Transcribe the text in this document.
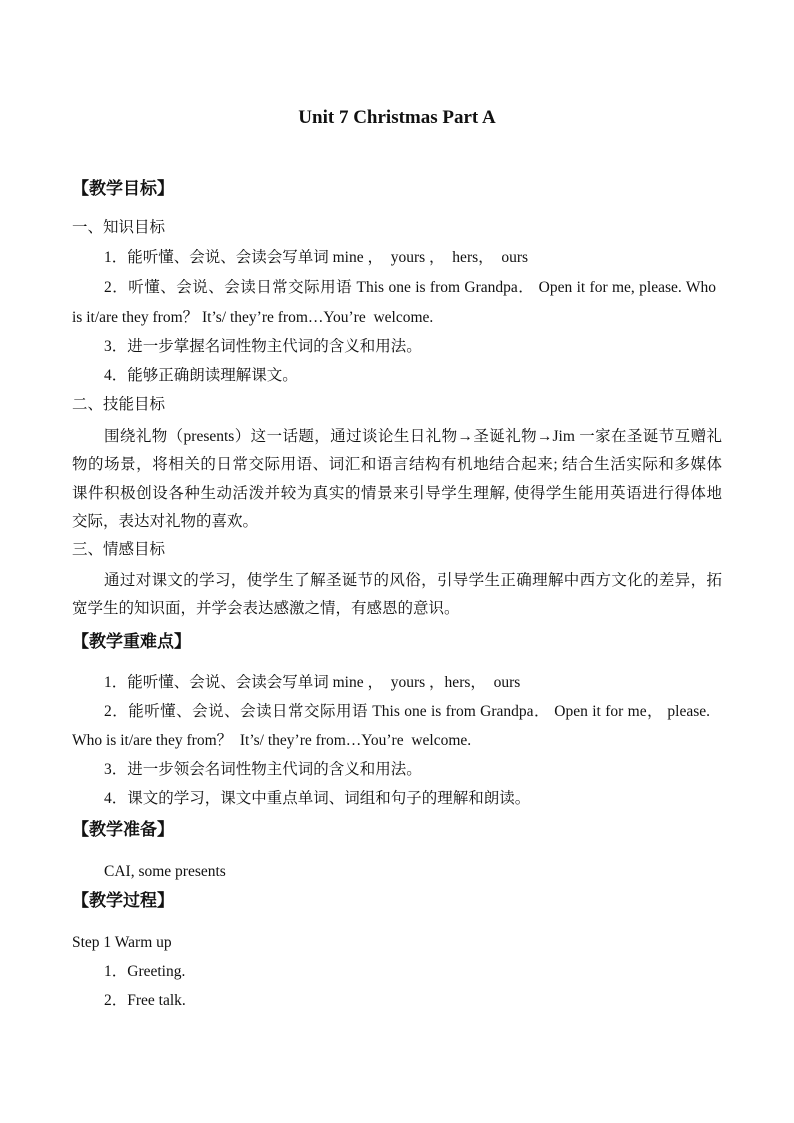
Unit 7 Christmas Part A
【教学目标】
一、知识目标
1．能听懂、会说、会读会写单词 mine ，  yours ，  hers，  ours
2．听懂、会说、会读日常交际用语 This one is from Grandpa． Open it for me, please. Who
is it/are they from？ It’s/ they’re from…You’re  welcome.
3．进一步掌握名词性物主代词的含义和用法。
4．能够正确朗读理解课文。
二、技能目标
围绕礼物（presents）这一话题，通过谈论生日礼物→圣诞礼物→Jim 一家在圣诞节互赠礼
物的场景，将相关的日常交际用语、词汇和语言结构有机地结合起来; 结合生活实际和多媒体
课件积极创设各种生动活泼并较为真实的情景来引导学生理解, 使得学生能用英语进行得体地
交际，表达对礼物的喜欢。
三、情感目标
通过对课文的学习，使学生了解圣诞节的风俗，引导学生正确理解中西方文化的差异，拓
宽学生的知识面，并学会表达感激之情，有感恩的意识。
【教学重难点】
1．能听懂、会说、会读会写单词 mine ，  yours ，hers，  ours
2．能听懂、会说、会读日常交际用语 This one is from Grandpa． Open it for me， please.
Who is it/are they from？  It’s/ they’re from…You’re  welcome.
3．进一步领会名词性物主代词的含义和用法。
4．课文的学习，课文中重点单词、词组和句子的理解和朗读。
【教学准备】
CAI, some presents
【教学过程】
Step 1 Warm up
1．Greeting.
2．Free talk.
